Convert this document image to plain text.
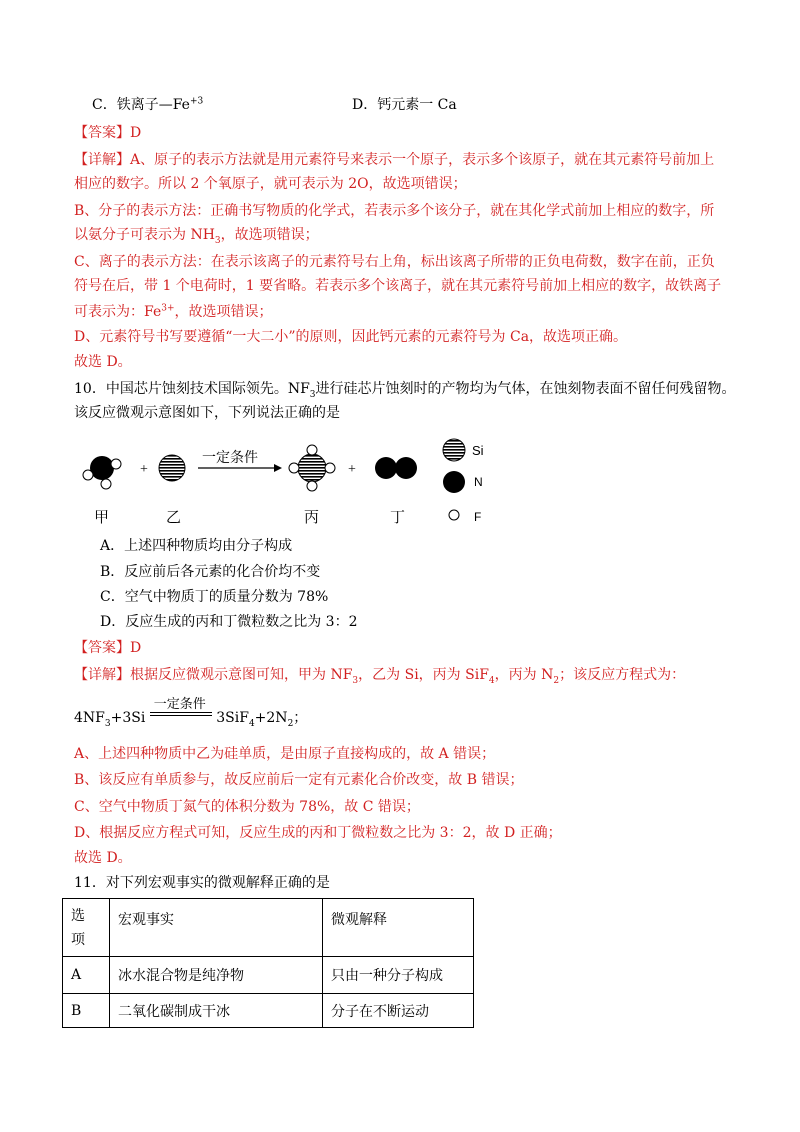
C．铁离子$—Fe^{+3}$	D．钙元素一 Ca
【答案】D
【详解】A、原子的表示方法就是用元素符号来表示一个原子，表示多个该原子，就在其元素符号前加上
相应的数字。所以 2 个氧原子，就可表示为 2O，故选项错误；
B、分子的表示方法：正确书写物质的化学式，若表示多个该分子，就在其化学式前加上相应的数字，所
以氨分子可表示为 $NH_3$，故选项错误；
C、离子的表示方法：在表示该离子的元素符号右上角，标出该离子所带的正负电荷数，数字在前，正负
符号在后，带 1 个电荷时，1 要省略。若表示多个该离子，就在其元素符号前加上相应的数字，故铁离子
可表示为：$Fe^{3+}$，故选项错误；
D、元素符号书写要遵循“一大二小”的原则，因此钙元素的元素符号为 Ca，故选项正确。
故选 D。
10．中国芯片蚀刻技术国际领先。$NF_3$进行硅芯片蚀刻时的产物均为气体，在蚀刻物表面不留任何残留物。
该反应微观示意图如下，下列说法正确的是
+
一定条件
+
Si
N
F
甲	乙	丙	丁
A．上述四种物质均由分子构成
B．反应前后各元素的化合价均不变
C．空气中物质丁的质量分数为 78%
D．反应生成的丙和丁微粒数之比为 3：2
【答案】D
【详解】根据反应微观示意图可知，甲为 $NF_3$，乙为 Si，丙为 SiF$_4$，丙为 $N_2$；该反应方程式为：
$4NF_3+3Si$
一定条件
$3SiF_4+2N_2$；
A、上述四种物质中乙为硅单质，是由原子直接构成的，故 A 错误；
B、该反应有单质参与，故反应前后一定有元素化合价改变，故 B 错误；
C、空气中物质丁氮气的体积分数为 78%，故 C 错误；
D、根据反应方程式可知，反应生成的丙和丁微粒数之比为 3：2，故 D 正确；
故选 D。
11．对下列宏观事实的微观解释正确的是
选
项	宏观事实	微观解释
A	冰水混合物是纯净物	只由一种分子构成
B	二氧化碳制成干冰	分子在不断运动
